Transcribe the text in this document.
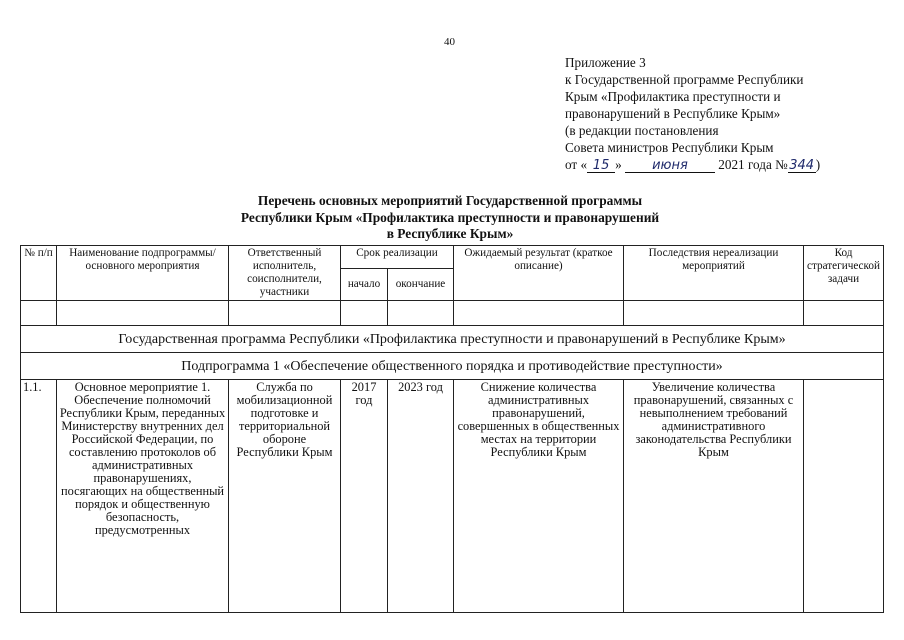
40
Приложение 3
к Государственной программе Республики
Крым «Профилактика преступности и
правонарушений в Республике Крым»
(в редакции постановления
Совета министров Республики Крым
от « 15 » июня 2021 года № 344 )
Перечень основных мероприятий Государственной программы
Республики Крым «Профилактика преступности и правонарушений
в Республике Крым»
№ п/п	Наименование подпрограммы/основного мероприятия	Ответственный исполнитель, соисполнители, участники	Срок реализации		Ожидаемый результат (краткое описание)	Последствия нереализации мероприятий	Код стратегической задачи
			начало	окончание			

Государственная программа Республики «Профилактика преступности и правонарушений в Республике Крым»							
Подпрограмма 1 «Обеспечение общественного порядка и противодействие преступности»							
1.1.	Основное мероприятие 1. Обеспечение полномочий Республики Крым, переданных Министерству внутренних дел Российской Федерации, по составлению протоколов об административных правонарушениях, посягающих на общественный порядок и общественную безопасность, предусмотренных	Служба по мобилизационной подготовке и территориальной обороне Республики Крым	2017 год	2023 год	Снижение количества административных правонарушений, совершенных в общественных местах на территории Республики Крым	Увеличение количества правонарушений, связанных с невыполнением требований административного законодательства Республики Крым	
